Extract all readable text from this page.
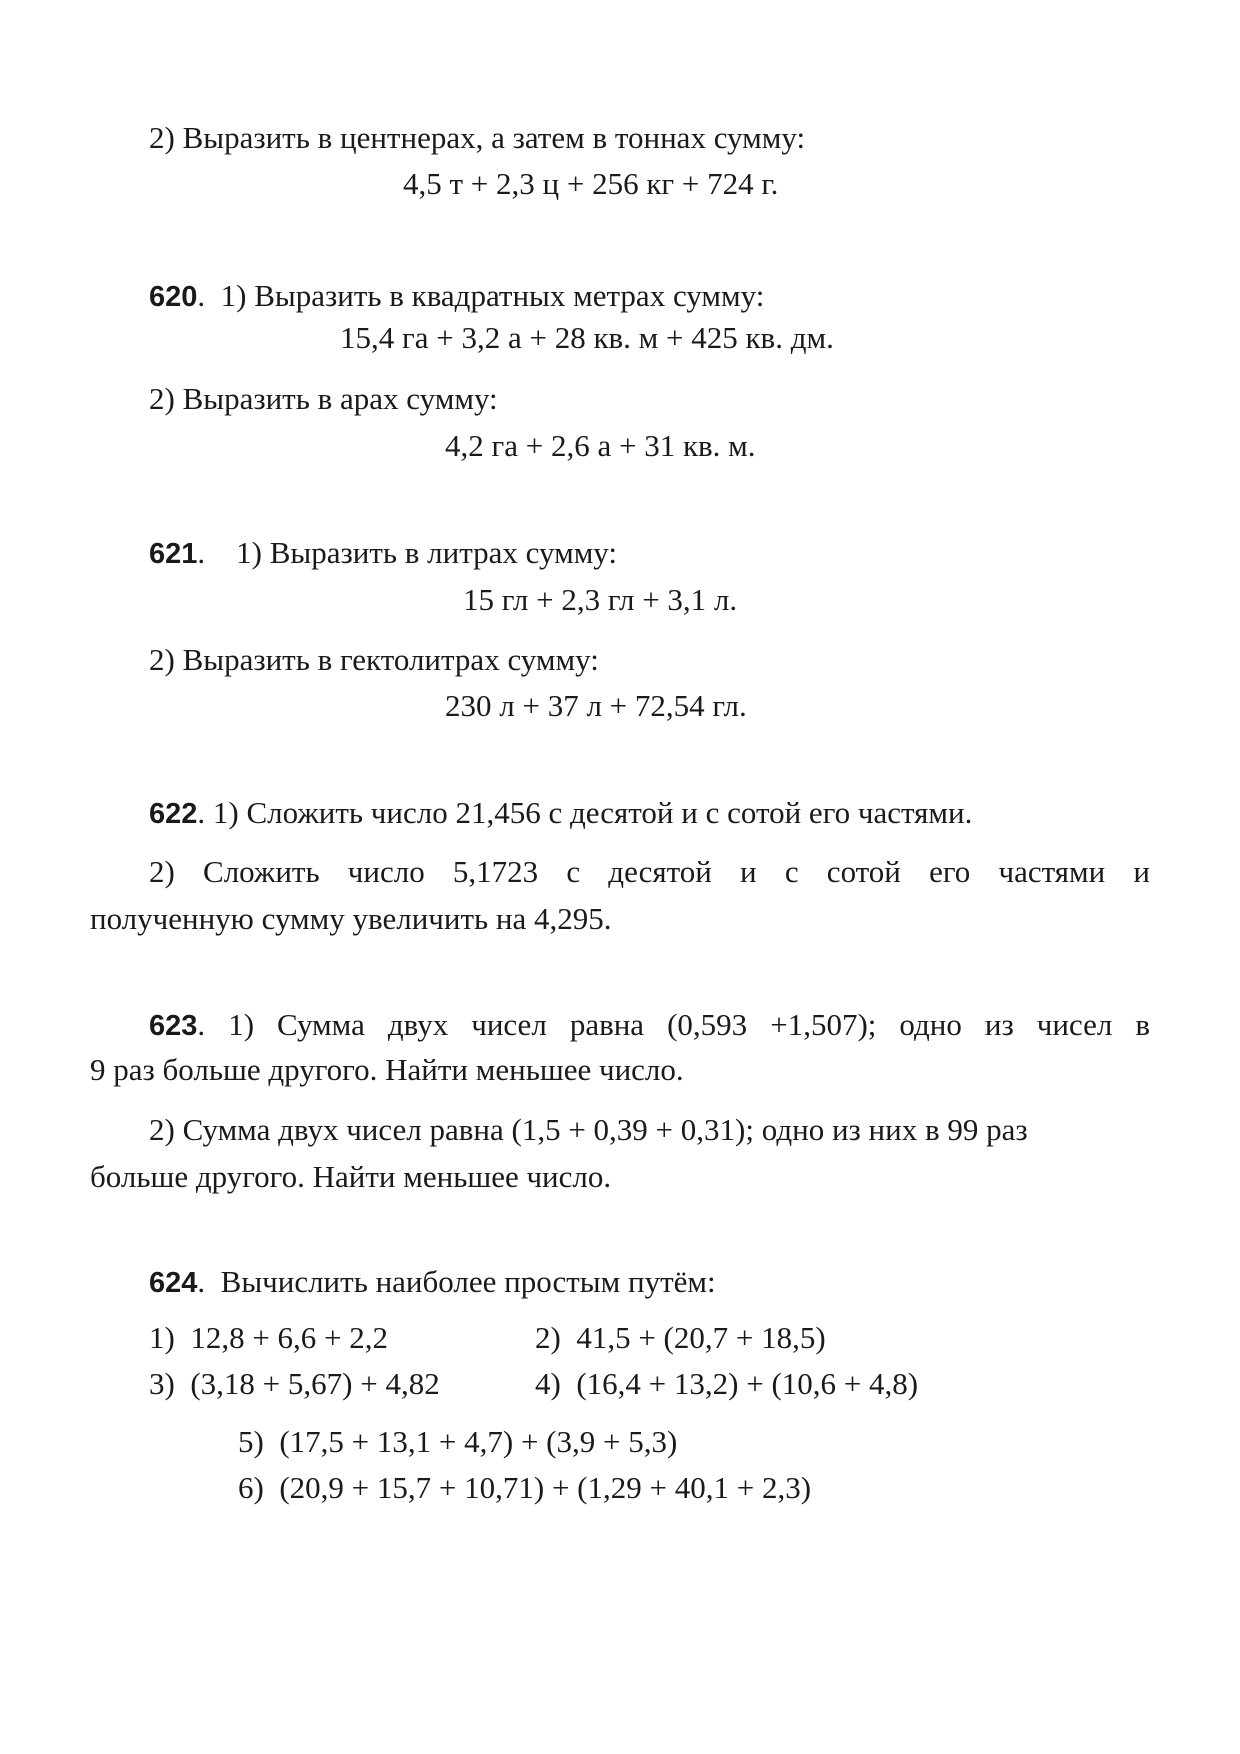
2) Выразить в центнерах, а затем в тоннах сумму:
4,5 т + 2,3 ц + 256 кг + 724 г.
620. 1) Выразить в квадратных метрах сумму:
15,4 га + 3,2 а + 28 кв. м + 425 кв. дм.
2) Выразить в арах сумму:
4,2 га + 2,6 а + 31 кв. м.
621. 1) Выразить в литрах сумму:
15 гл + 2,3 гл + 3,1 л.
2) Выразить в гектолитрах сумму:
230 л + 37 л + 72,54 гл.
622. 1) Сложить число 21,456 с десятой и с сотой его частями.
2) Сложить число 5,1723 с десятой и с сотой его частями и
полученную сумму увеличить на 4,295.
623. 1) Сумма двух чисел равна (0,593 +1,507); одно из чисел в
9 раз больше другого. Найти меньшее число.
2) Сумма двух чисел равна (1,5 + 0,39 + 0,31); одно из них в 99 раз
больше другого. Найти меньшее число.
624. Вычислить наиболее простым путём:
1) 12,8 + 6,6 + 2,2	2) 41,5 + (20,7 + 18,5)
3) (3,18 + 5,67) + 4,82	4) (16,4 + 13,2) + (10,6 + 4,8)
5) (17,5 + 13,1 + 4,7) + (3,9 + 5,3)
6) (20,9 + 15,7 + 10,71) + (1,29 + 40,1 + 2,3)
